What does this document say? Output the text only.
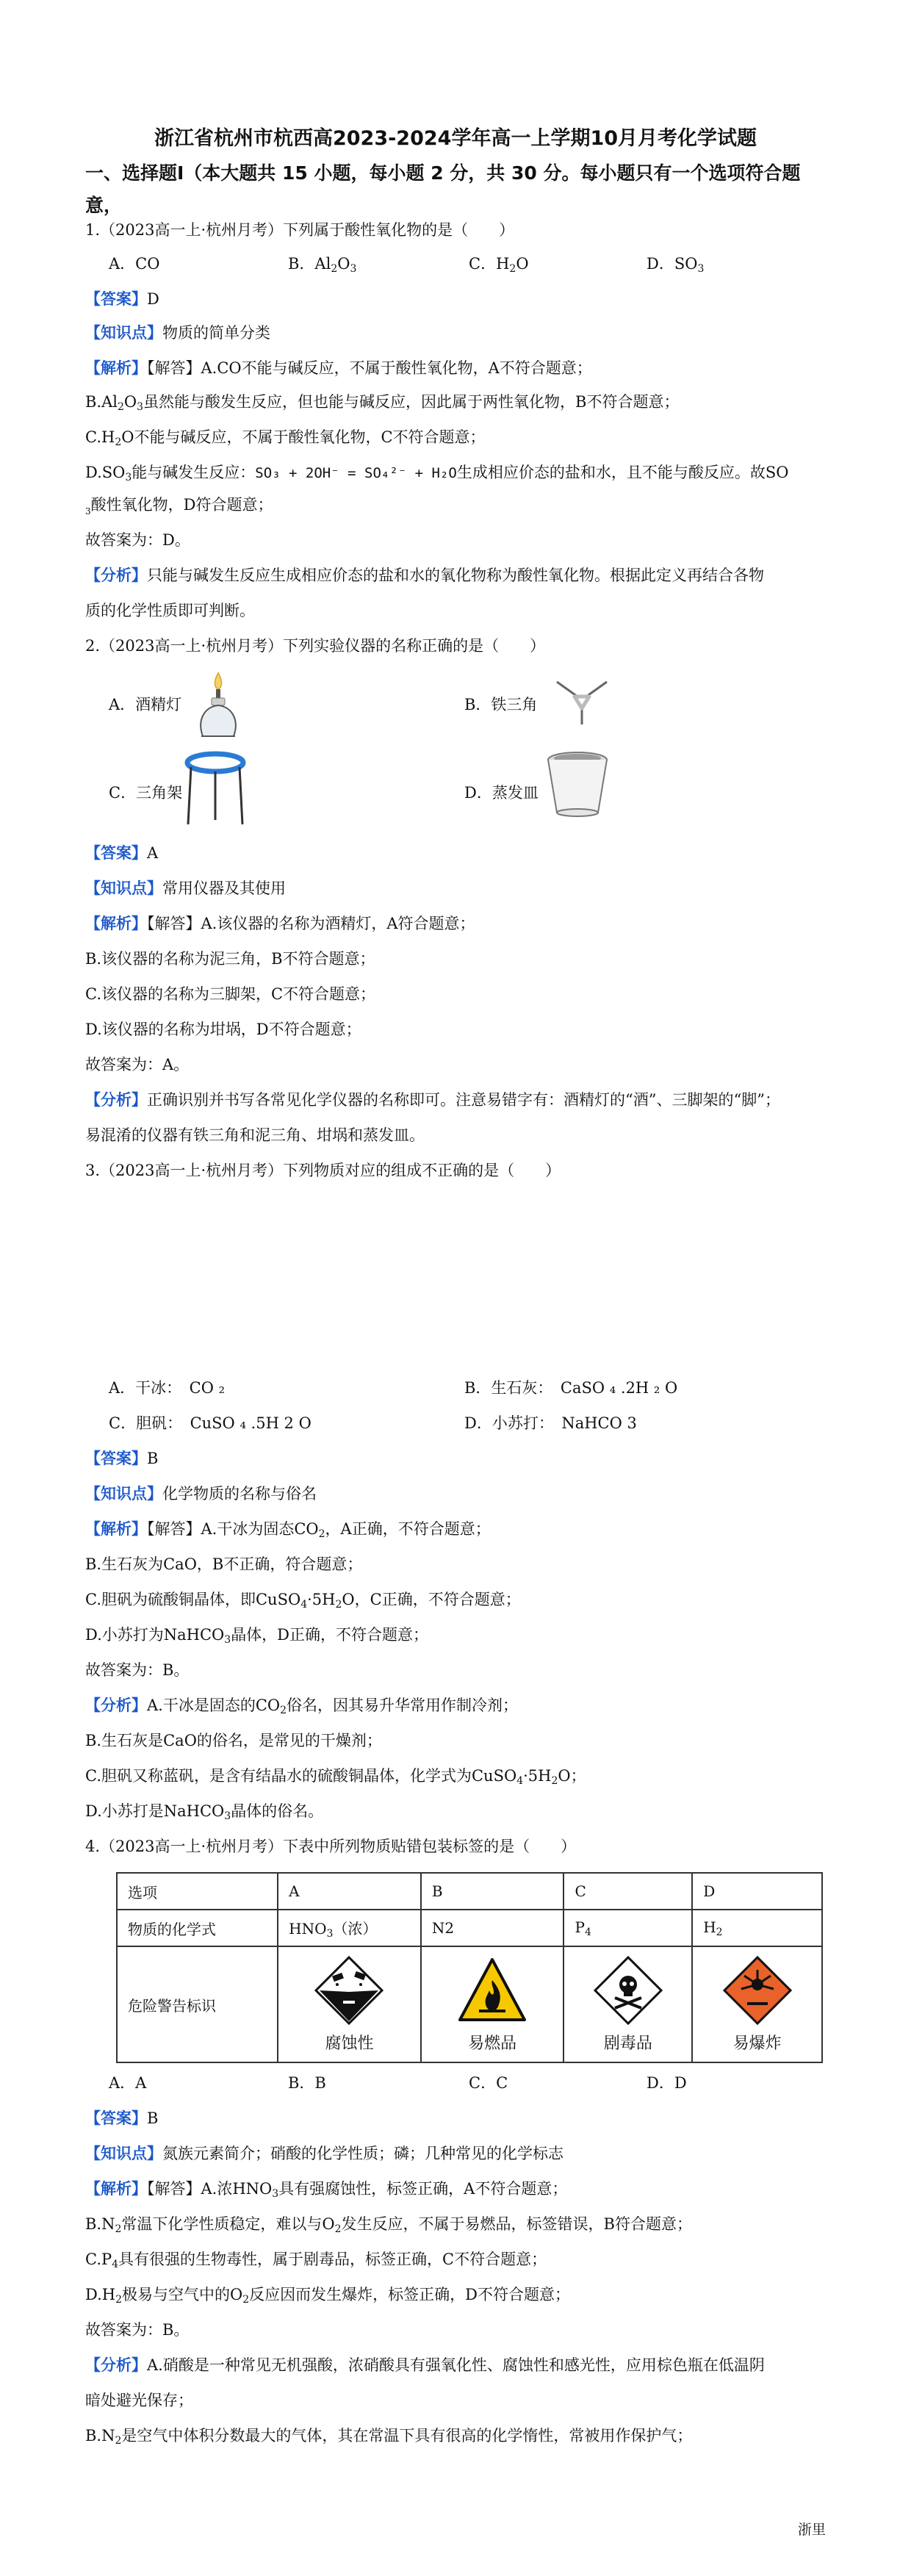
浙江省杭州市杭西高2023-2024学年高一上学期10月月考化学试题
一、选择题Ⅰ（本大题共 15 小题，每小题 2 分，共 30 分。每小题只有一个选项符合题意，
1.（2023高一上·杭州月考）下列属于酸性氧化物的是（　　）
A．CO	B．$Al_2O_3$	C．$H_2O$	D．$SO_3$
【答案】D
【知识点】物质的简单分类
【解析】【解答】A.CO不能与碱反应，不属于酸性氧化物，A不符合题意；
$B.Al_2O_3$虽然能与酸发生反应，但也能与碱反应，因此属于两性氧化物，B不符合题意；
$C.H_2O$不能与碱反应，不属于酸性氧化物，C不符合题意；
$D.SO_3$能与碱发生反应：SO₃ + 2OH⁻ = SO₄²⁻ + H₂O生成相应价态的盐和水，且不能与酸反应。故SO
$_3$酸性氧化物，D符合题意；
故答案为：D。
【分析】只能与碱发生反应生成相应价态的盐和水的氧化物称为酸性氧化物。根据此定义再结合各物
质的化学性质即可判断。
2.（2023高一上·杭州月考）下列实验仪器的名称正确的是（　　）
A．酒精灯	B．铁三角
C．三角架	D．蒸发皿
【答案】A
【知识点】常用仪器及其使用
【解析】【解答】A.该仪器的名称为酒精灯，A符合题意；
B.该仪器的名称为泥三角，B不符合题意；
C.该仪器的名称为三脚架，C不符合题意；
D.该仪器的名称为坩埚，D不符合题意；
故答案为：A。
【分析】正确识别并书写各常见化学仪器的名称即可。注意易错字有：酒精灯的“酒”、三脚架的“脚”；
易混淆的仪器有铁三角和泥三角、坩埚和蒸发皿。
3.（2023高一上·杭州月考）下列物质对应的组成不正确的是（　　）
A．干冰：　CO ₂	B．生石灰：　CaSO ₄ .2H ₂ O
C．胆矾：　CuSO ₄ .5H 2 O	D．小苏打：　NaHCO 3
【答案】B
【知识点】化学物质的名称与俗名
【解析】【解答】A.干冰为固态$CO_2$，A正确，不符合题意；
B.生石灰为CaO，B不正确，符合题意；
C.胆矾为硫酸铜晶体，即$CuSO_4\cdot 5H_2O$，C正确，不符合题意；
D.小苏打为NaHCO$_3$晶体，D正确，不符合题意；
故答案为：B。
【分析】A.干冰是固态的$CO_2$俗名，因其易升华常用作制冷剂；
B.生石灰是CaO的俗名，是常见的干燥剂；
C.胆矾又称蓝矾，是含有结晶水的硫酸铜晶体，化学式为$CuSO_4\cdot 5H_2O$；
D.小苏打是NaHCO$_3$晶体的俗名。
4.（2023高一上·杭州月考）下表中所列物质贴错包装标签的是（　　）
选项	A	B	C	D
物质的化学式	$HNO_3$（浓）	N2	$P_4$	$H_2$
危险警告标识	腐蚀性	易燃品	剧毒品	易爆炸
A．A	B．B	C．C	D．D
【答案】B
【知识点】氮族元素简介；硝酸的化学性质；磷；几种常见的化学标志
【解析】【解答】A.浓$HNO_3$具有强腐蚀性，标签正确，A不符合题意；
$B.N_2$常温下化学性质稳定，难以与$O_2$发生反应，不属于易燃品，标签错误，B符合题意；
$C.P_4$具有很强的生物毒性，属于剧毒品，标签正确，C不符合题意；
$D.H_2$极易与空气中的$O_2$反应因而发生爆炸，标签正确，D不符合题意；
故答案为：B。
【分析】A.硝酸是一种常见无机强酸，浓硝酸具有强氧化性、腐蚀性和感光性，应用棕色瓶在低温阴
暗处避光保存；
$B.N_2$是空气中体积分数最大的气体，其在常温下具有很高的化学惰性，常被用作保护气；
浙里
